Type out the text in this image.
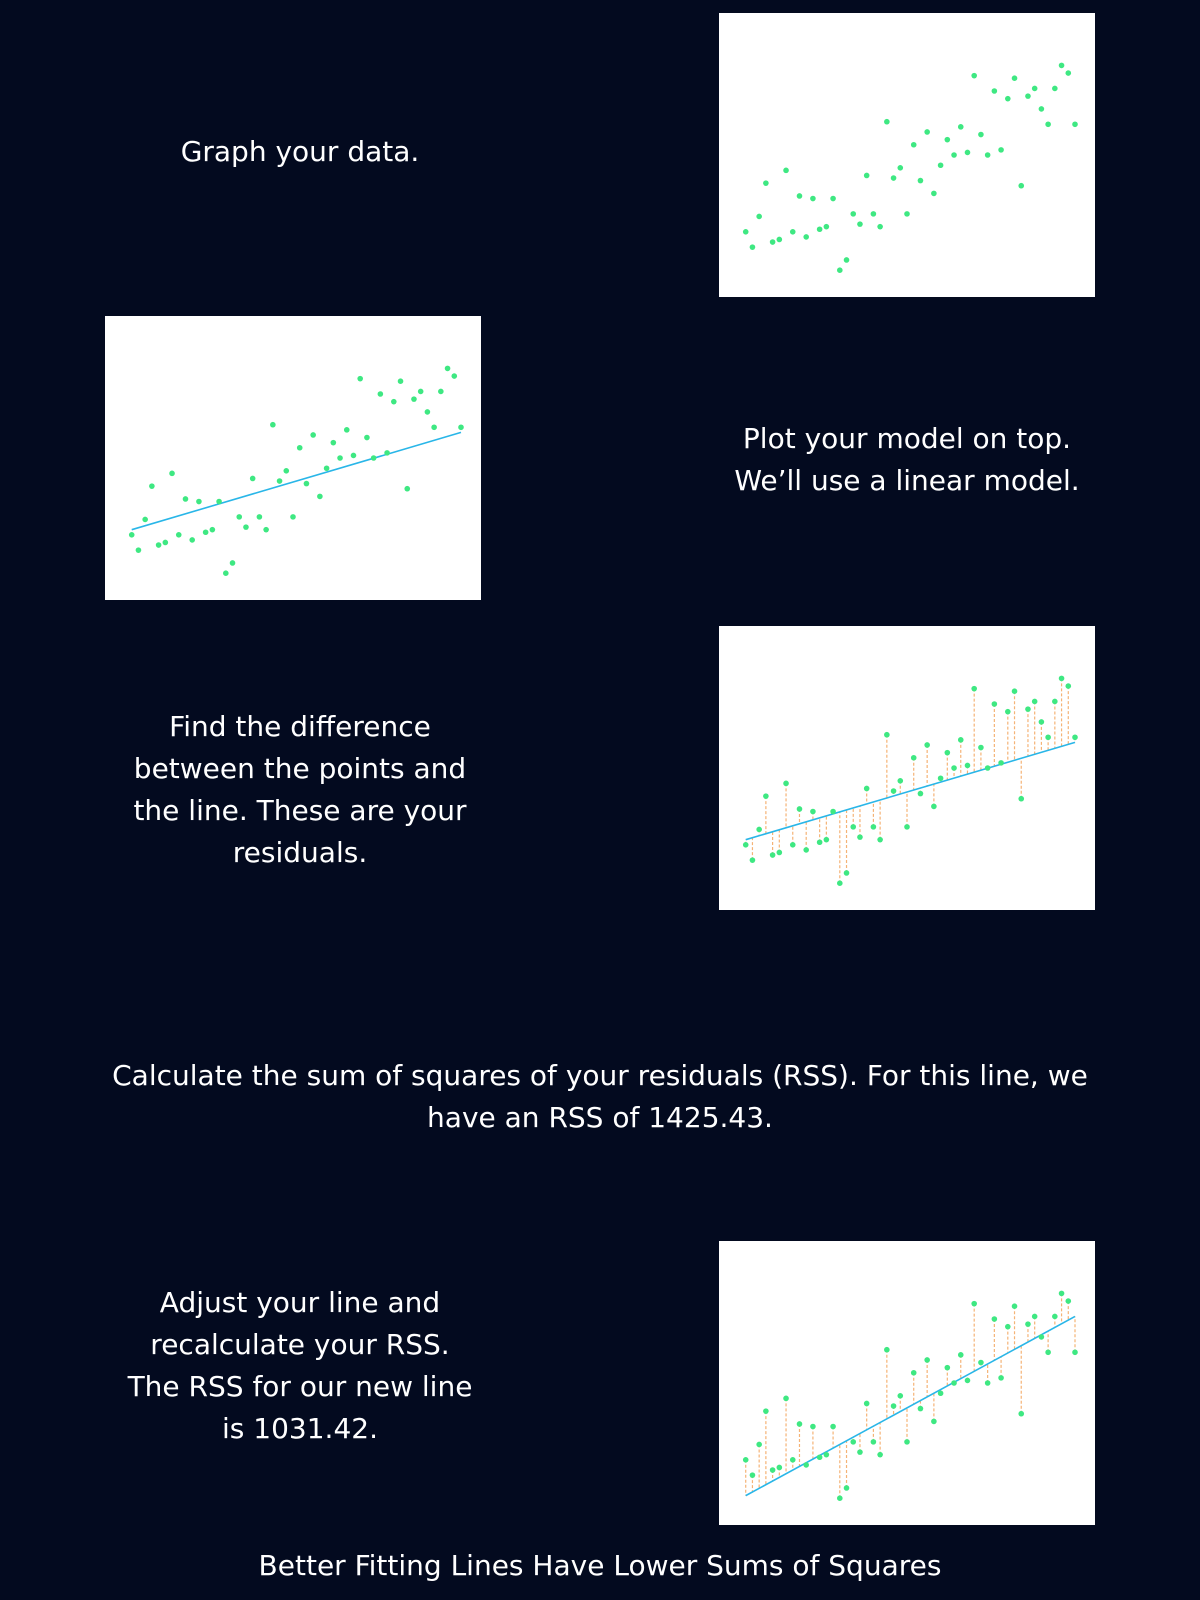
Graph your data.

Plot your model on top.
We’ll use a linear model.

Find the difference
between the points and
the line. These are your
residuals.

Calculate the sum of squares of your residuals (RSS). For this line, we
have an RSS of 1425.43.

Adjust your line and
recalculate your RSS.
The RSS for our new line
is 1031.42.

Better Fitting Lines Have Lower Sums of Squares
